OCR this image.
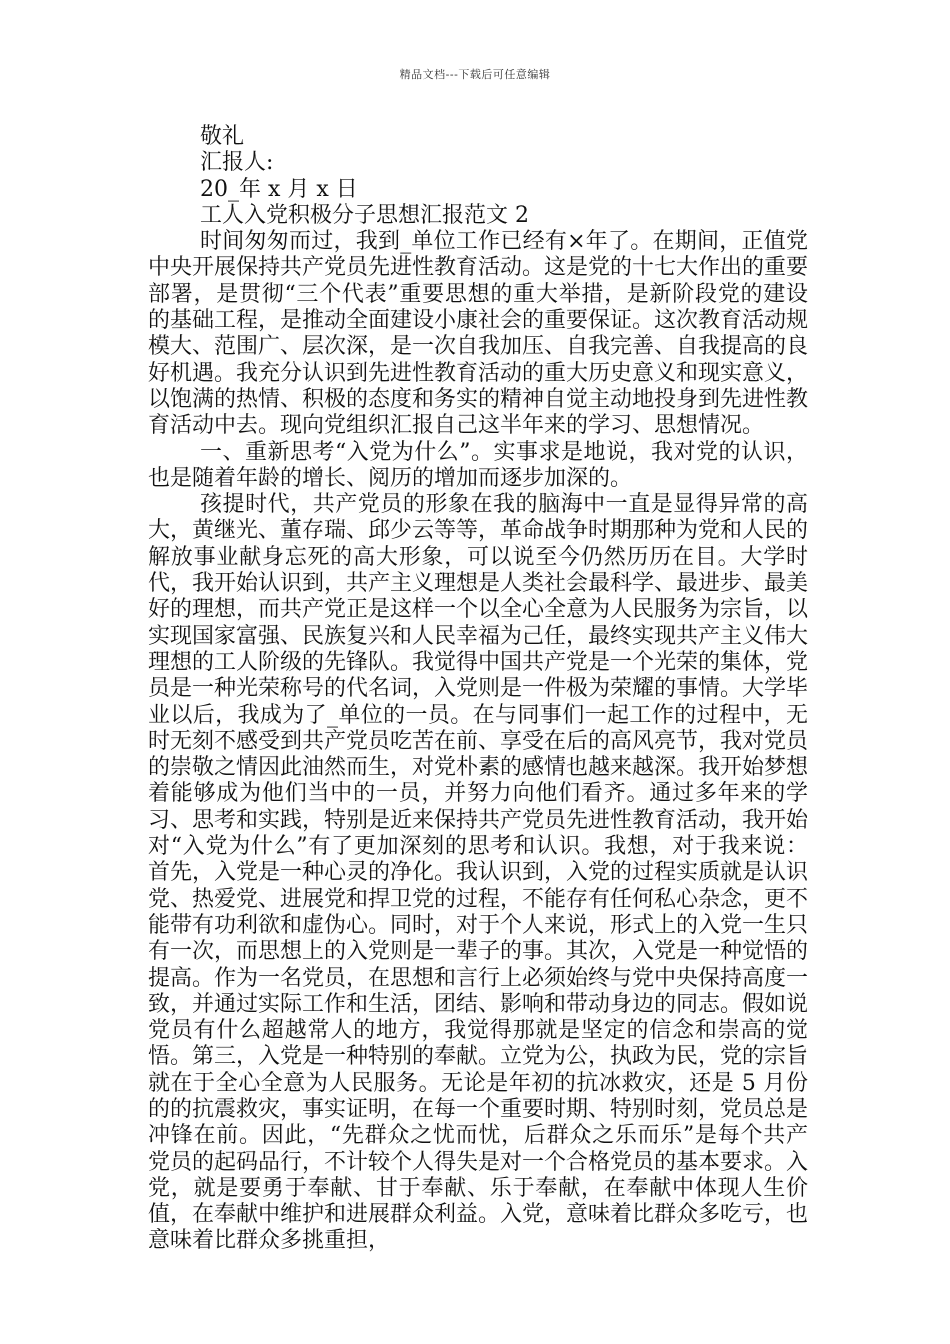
精品文档---下载后可任意编辑
敬礼
汇报人:
20_年 x 月 x 日
工人入党积极分子思想汇报范文 2

时间匆匆而过，我到_单位工作已经有×年了。在期间，正值党中央开展保持共产党员先进性教育活动。这是党的十七大作出的重要部署，是贯彻“三个代表”重要思想的重大举措，是新阶段党的建设的基础工程，是推动全面建设小康社会的重要保证。这次教育活动规模大、范围广、层次深，是一次自我加压、自我完善、自我提高的良好机遇。我充分认识到先进性教育活动的重大历史意义和现实意义，以饱满的热情、积极的态度和务实的精神自觉主动地投身到先进性教育活动中去。现向党组织汇报自己这半年来的学习、思想情况。

一、重新思考“入党为什么”。实事求是地说，我对党的认识，也是随着年龄的增长、阅历的增加而逐步加深的。

孩提时代，共产党员的形象在我的脑海中一直是显得异常的高大，黄继光、董存瑞、邱少云等等，革命战争时期那种为党和人民的解放事业献身忘死的高大形象，可以说至今仍然历历在目。大学时代，我开始认识到，共产主义理想是人类社会最科学、最进步、最美好的理想，而共产党正是这样一个以全心全意为人民服务为宗旨，以实现国家富强、民族复兴和人民幸福为己任，最终实现共产主义伟大理想的工人阶级的先锋队。我觉得中国共产党是一个光荣的集体，党员是一种光荣称号的代名词，入党则是一件极为荣耀的事情。大学毕业以后，我成为了_单位的一员。在与同事们一起工作的过程中，无时无刻不感受到共产党员吃苦在前、享受在后的高风亮节，我对党员的崇敬之情因此油然而生，对党朴素的感情也越来越深。我开始梦想着能够成为他们当中的一员，并努力向他们看齐。通过多年来的学习、思考和实践，特别是近来保持共产党员先进性教育活动，我开始对“入党为什么”有了更加深刻的思考和认识。我想，对于我来说：首先，入党是一种心灵的净化。我认识到，入党的过程实质就是认识党、热爱党、进展党和捍卫党的过程，不能存有任何私心杂念，更不能带有功利欲和虚伪心。同时，对于个人来说，形式上的入党一生只有一次，而思想上的入党则是一辈子的事。其次，入党是一种觉悟的提高。作为一名党员，在思想和言行上必须始终与党中央保持高度一致，并通过实际工作和生活，团结、影响和带动身边的同志。假如说党员有什么超越常人的地方，我觉得那就是坚定的信念和崇高的觉悟。第三，入党是一种特别的奉献。立党为公，执政为民，党的宗旨就在于全心全意为人民服务。无论是年初的抗冰救灾，还是 5 月份的的抗震救灾，事实证明，在每一个重要时期、特别时刻，党员总是冲锋在前。因此，“先群众之忧而忧，后群众之乐而乐”是每个共产党员的起码品行，不计较个人得失是对一个合格党员的基本要求。入党，就是要勇于奉献、甘于奉献、乐于奉献，在奉献中体现人生价值，在奉献中维护和进展群众利益。入党，意味着比群众多吃亏，也意味着比群众多挑重担，
